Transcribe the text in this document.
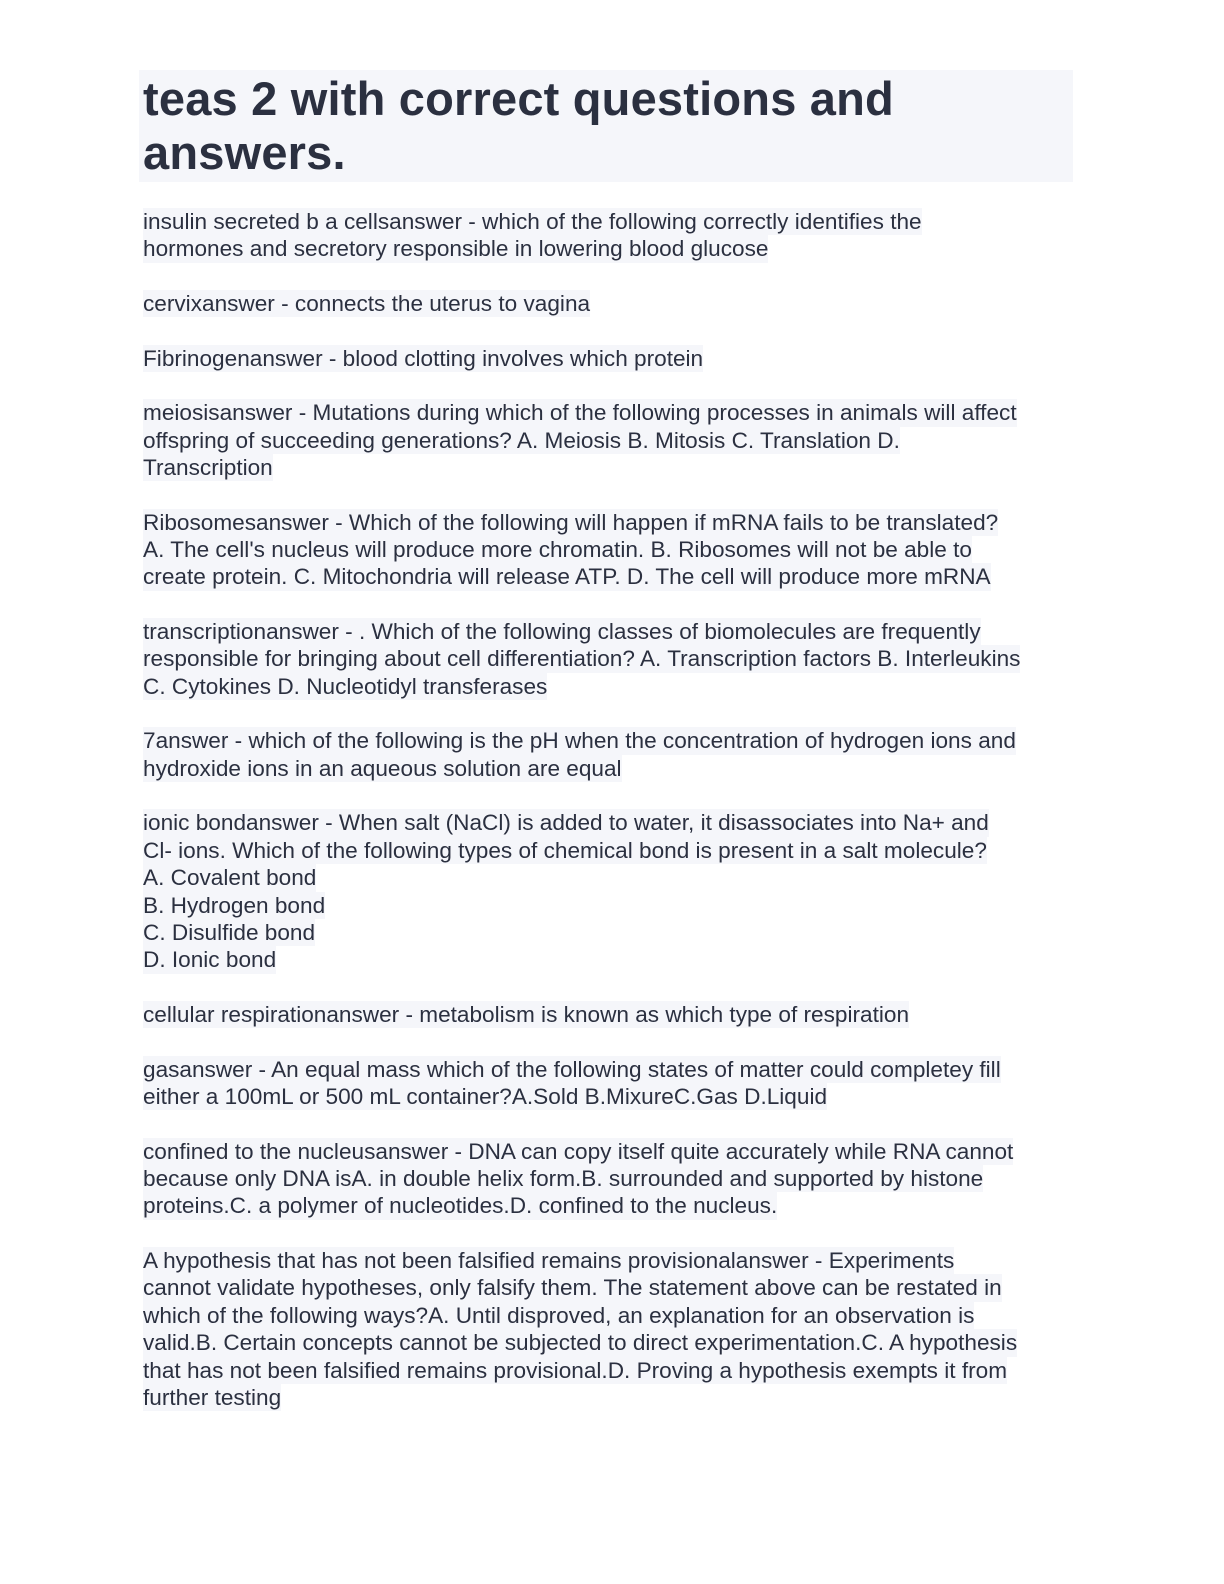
teas 2 with correct questions and
answers.
insulin secreted b a cellsanswer - which of the following correctly identifies the
hormones and secretory responsible in lowering blood glucose
cervixanswer - connects the uterus to vagina
Fibrinogenanswer - blood clotting involves which protein
meiosisanswer - Mutations during which of the following processes in animals will affect
offspring of succeeding generations? A. Meiosis B. Mitosis C. Translation D.
Transcription
Ribosomesanswer - Which of the following will happen if mRNA fails to be translated?
A. The cell's nucleus will produce more chromatin. B. Ribosomes will not be able to
create protein. C. Mitochondria will release ATP. D. The cell will produce more mRNA
transcriptionanswer - . Which of the following classes of biomolecules are frequently
responsible for bringing about cell differentiation? A. Transcription factors B. Interleukins
C. Cytokines D. Nucleotidyl transferases
7answer - which of the following is the pH when the concentration of hydrogen ions and
hydroxide ions in an aqueous solution are equal
ionic bondanswer - When salt (NaCl) is added to water, it disassociates into Na+ and
Cl- ions. Which of the following types of chemical bond is present in a salt molecule?
A. Covalent bond
B. Hydrogen bond
C. Disulfide bond
D. Ionic bond
cellular respirationanswer - metabolism is known as which type of respiration
gasanswer - An equal mass which of the following states of matter could completey fill
either a 100mL or 500 mL container?A.Sold B.MixureC.Gas D.Liquid
confined to the nucleusanswer - DNA can copy itself quite accurately while RNA cannot
because only DNA isA. in double helix form.B. surrounded and supported by histone
proteins.C. a polymer of nucleotides.D. confined to the nucleus.
A hypothesis that has not been falsified remains provisionalanswer - Experiments
cannot validate hypotheses, only falsify them. The statement above can be restated in
which of the following ways?A. Until disproved, an explanation for an observation is
valid.B. Certain concepts cannot be subjected to direct experimentation.C. A hypothesis
that has not been falsified remains provisional.D. Proving a hypothesis exempts it from
further testing
